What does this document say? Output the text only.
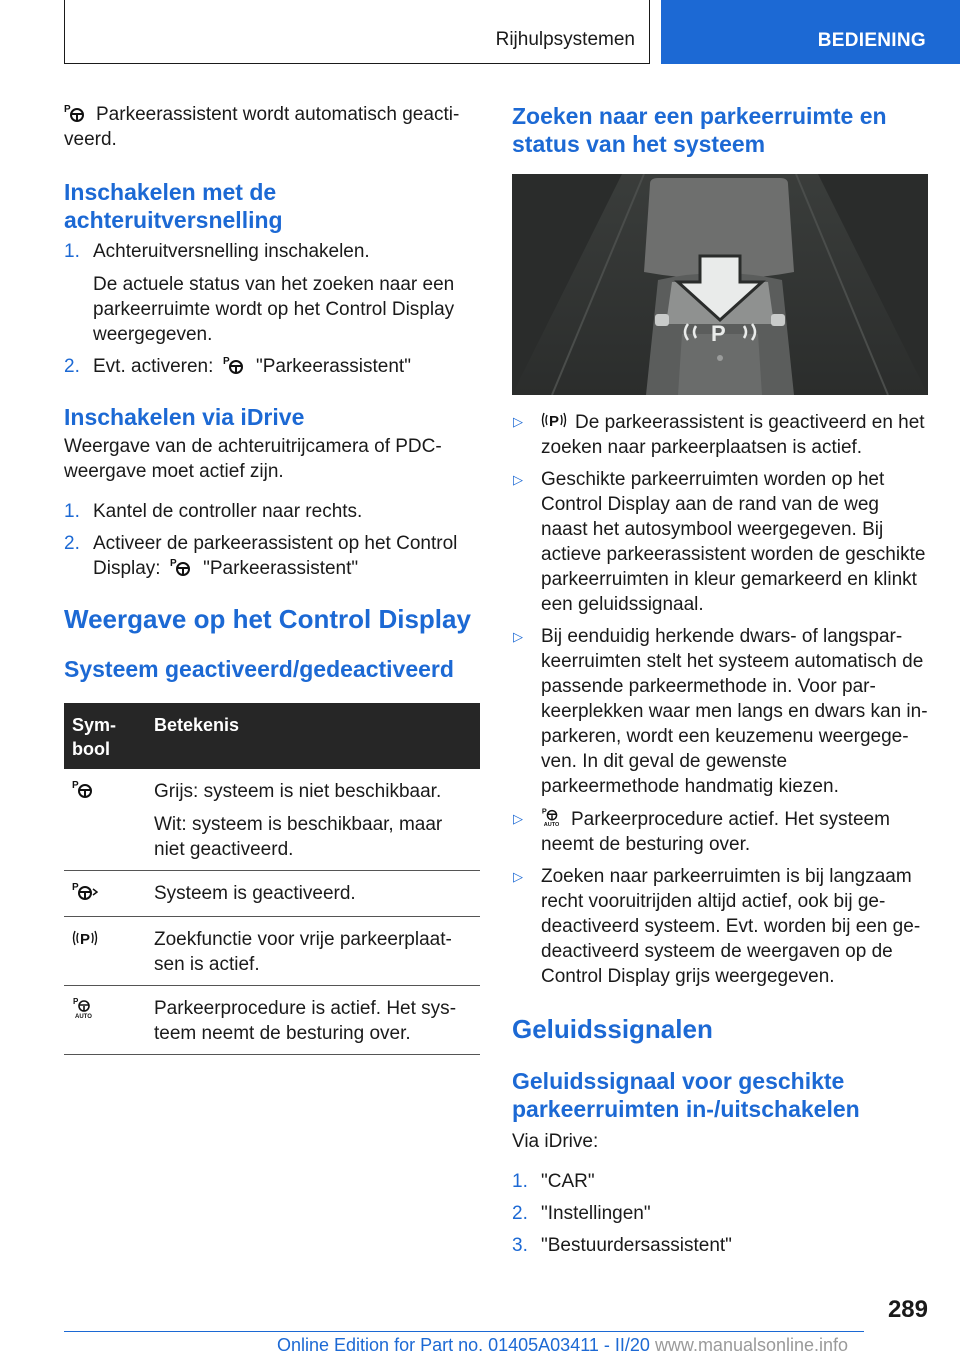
Rijhulpsystemen	BEDIENING

P Parkeerassistent wordt automatisch geactiveerd.

Inschakelen met de achteruitversnelling
1. Achteruitversnelling inschakelen.
De actuele status van het zoeken naar een parkeerruimte wordt op het Control Display weergegeven.
2. Evt. activeren: P "Parkeerassistent"
Inschakelen via iDrive

Weergave van de achteruitrijcamera of PDC-weergave moet actief zijn.

1. Kantel de controller naar rechts.
2. Activeer de parkeerassistent op het Control Display: P "Parkeerassistent"
Weergave op het Control Display
Systeem geactiveerd/gedeactiveerd
Symbool	Betekenis

P	Grijs: systeem is niet beschikbaar.
Wit: systeem is beschikbaar, maar niet geactiveerd.

P	Systeem is geactiveerd.

P	Zoekfunctie voor vrije parkeerplaatsen is actief.

P
AUTO	Parkeerprocedure is actief. Het systeem neemt de besturing over.
Zoeken naar een parkeerruimte en status van het systeem
P
▷ P De parkeerassistent is geactiveerd en het zoeken naar parkeerplaatsen is actief.
▷ Geschikte parkeerruimten worden op het Control Display aan de rand van de weg naast het autosymbool weergegeven. Bij actieve parkeerassistent worden de geschikte parkeerruimten in kleur gemarkeerd en klinkt een geluidssignaal.
▷ Bij eenduidig herkende dwars- of langsparkeerruimten stelt het systeem automatisch de passende parkeermethode in. Voor parkeerplekken waar men langs en dwars kan inparkeren, wordt een keuzemenu weergegeven. In dit geval de gewenste parkeermethode handmatig kiezen.
▷
P
AUTO Parkeerprocedure actief. Het systeem neemt de besturing over.
▷ Zoeken naar parkeerruimten is bij langzaam recht vooruitrijden altijd actief, ook bij gedeactiveerd systeem. Evt. worden bij een gedeactiveerd systeem de weergaven op de Control Display grijs weergegeven.
Geluidssignalen
Geluidssignaal voor geschikte parkeerruimten in-/uitschakelen

Via iDrive:

1. "CAR"
2. "Instellingen"
3. "Bestuurdersassistent"
289
Online Edition for Part no. 01405A03411 - II/20 www.manualsonline.info
